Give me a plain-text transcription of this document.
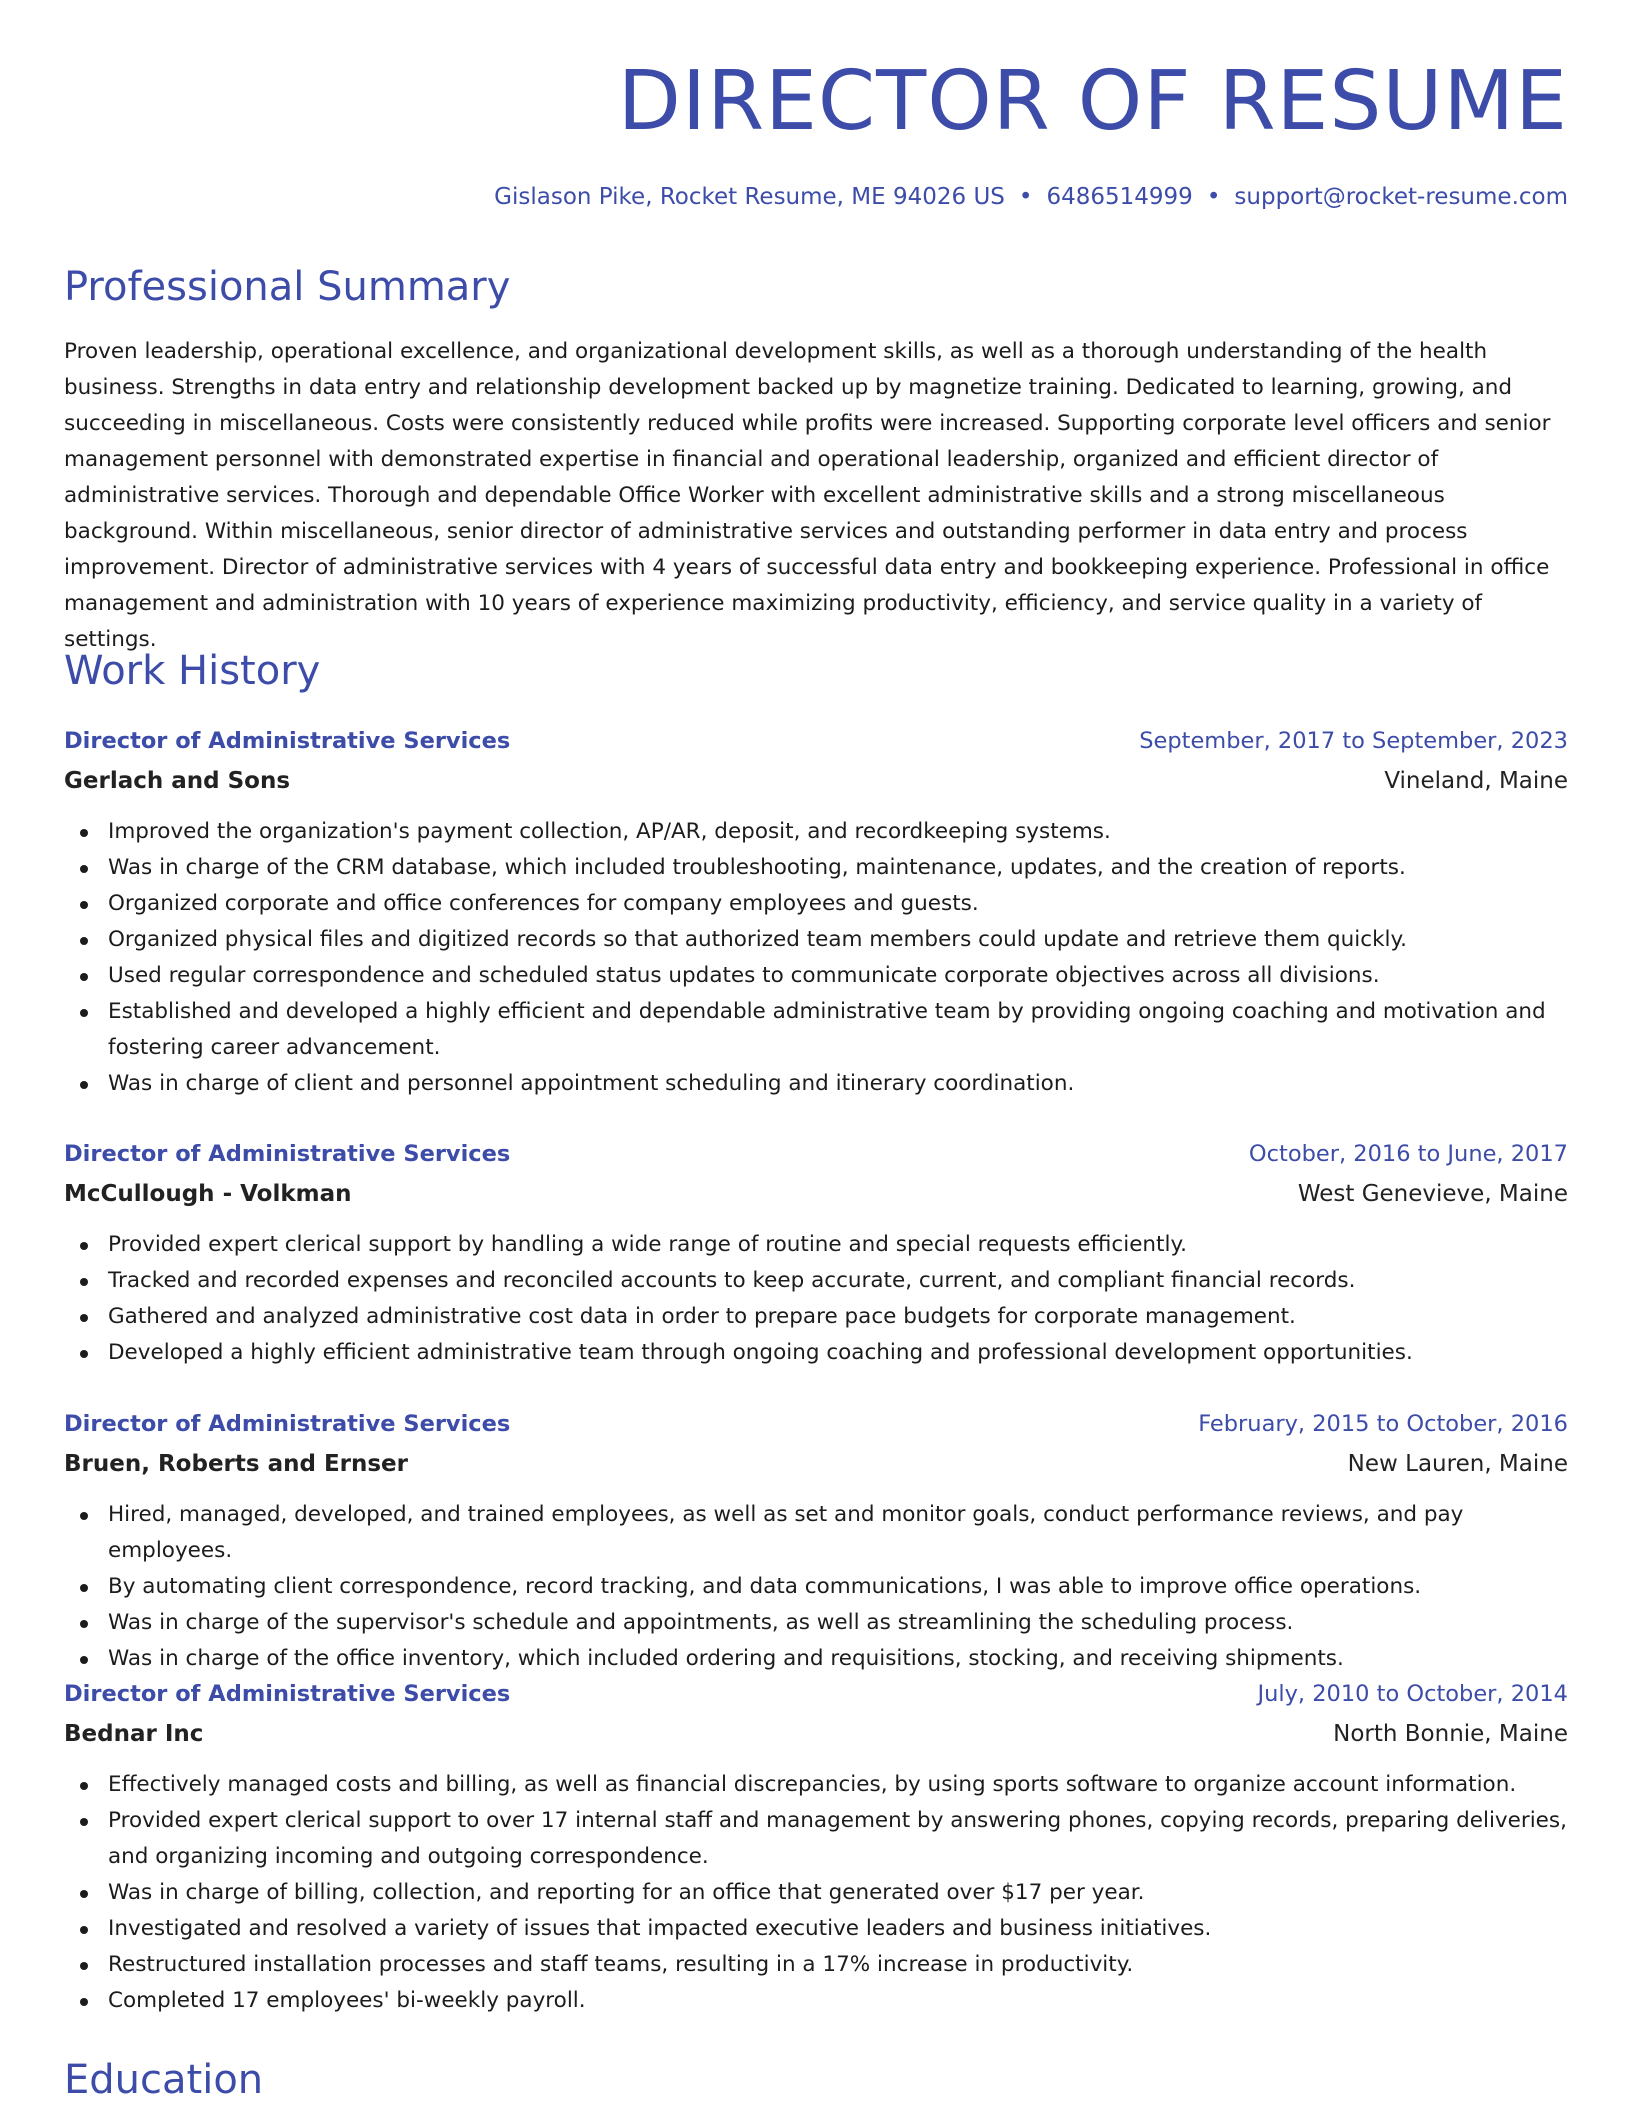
DIRECTOR OF RESUME
Gislason Pike, Rocket Resume, ME 94026 US • 6486514999 • support@rocket-resume.com
Professional Summary

Proven leadership, operational excellence, and organizational development skills, as well as a thorough understanding of the health business. Strengths in data entry and relationship development backed up by magnetize training. Dedicated to learning, growing, and succeeding in miscellaneous. Costs were consistently reduced while profits were increased. Supporting corporate level officers and senior management personnel with demonstrated expertise in financial and operational leadership, organized and efficient director of administrative services. Thorough and dependable Office Worker with excellent administrative skills and a strong miscellaneous background. Within miscellaneous, senior director of administrative services and outstanding performer in data entry and process improvement. Director of administrative services with 4 years of successful data entry and bookkeeping experience. Professional in office management and administration with 10 years of experience maximizing productivity, efficiency, and service quality in a variety of settings.

Work History
Director of Administrative Services	September, 2017 to September, 2023
Gerlach and Sons	Vineland, Maine
Improved the organization's payment collection, AP/AR, deposit, and recordkeeping systems.
Was in charge of the CRM database, which included troubleshooting, maintenance, updates, and the creation of reports.
Organized corporate and office conferences for company employees and guests.
Organized physical files and digitized records so that authorized team members could update and retrieve them quickly.
Used regular correspondence and scheduled status updates to communicate corporate objectives across all divisions.
Established and developed a highly efficient and dependable administrative team by providing ongoing coaching and motivation and fostering career advancement.
Was in charge of client and personnel appointment scheduling and itinerary coordination.
Director of Administrative Services	October, 2016 to June, 2017
McCullough - Volkman	West Genevieve, Maine
Provided expert clerical support by handling a wide range of routine and special requests efficiently.
Tracked and recorded expenses and reconciled accounts to keep accurate, current, and compliant financial records.
Gathered and analyzed administrative cost data in order to prepare pace budgets for corporate management.
Developed a highly efficient administrative team through ongoing coaching and professional development opportunities.
Director of Administrative Services	February, 2015 to October, 2016
Bruen, Roberts and Ernser	New Lauren, Maine
Hired, managed, developed, and trained employees, as well as set and monitor goals, conduct performance reviews, and pay employees.
By automating client correspondence, record tracking, and data communications, I was able to improve office operations.
Was in charge of the supervisor's schedule and appointments, as well as streamlining the scheduling process.
Was in charge of the office inventory, which included ordering and requisitions, stocking, and receiving shipments.
Director of Administrative Services	July, 2010 to October, 2014
Bednar Inc	North Bonnie, Maine
Effectively managed costs and billing, as well as financial discrepancies, by using sports software to organize account information.
Provided expert clerical support to over 17 internal staff and management by answering phones, copying records, preparing deliveries, and organizing incoming and outgoing correspondence.
Was in charge of billing, collection, and reporting for an office that generated over $17 per year.
Investigated and resolved a variety of issues that impacted executive leaders and business initiatives.
Restructured installation processes and staff teams, resulting in a 17% increase in productivity.
Completed 17 employees' bi-weekly payroll.
Education
